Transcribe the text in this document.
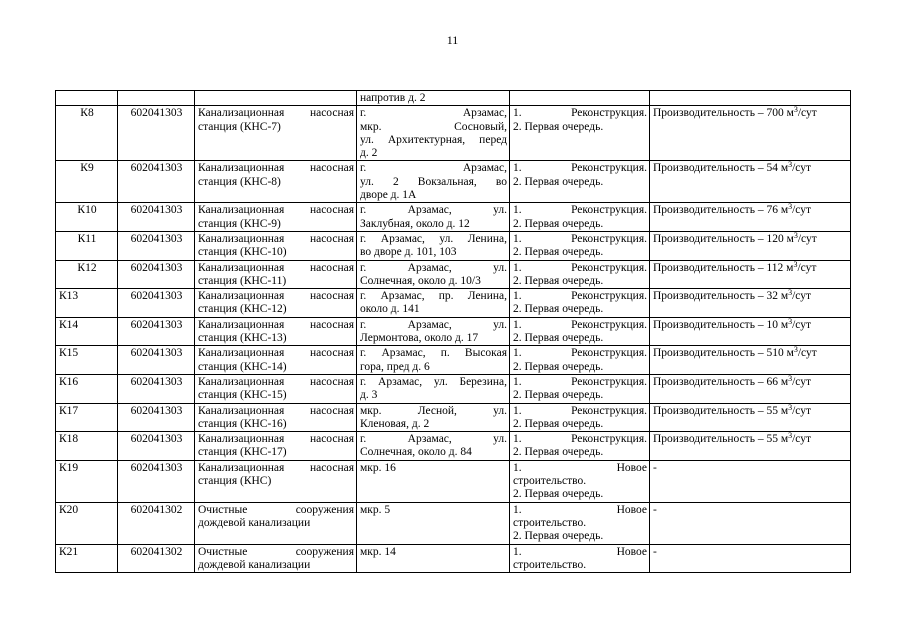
11

			напротив д. 2		

К8	602041303	Канализационная насосная
станция (КНС-7)	г. Арзамас,
мкр. Сосновый,
ул. Архитектурная, перед
д. 2	1. Реконструкция.
2. Первая очередь.	Производительность – 700 $м^3$/сут
К9	602041303	Канализационная насосная
станция (КНС-8)	г. Арзамас,
ул. 2 Вокзальная, во
дворе д. 1А	1. Реконструкция.
2. Первая очередь.	Производительность – 54 $м^3$/сут
К10	602041303	Канализационная насосная
станция (КНС-9)	г. Арзамас, ул.
Заклубная, около д. 12	1. Реконструкция.
2. Первая очередь.	Производительность – 76 $м^3$/сут
К11	602041303	Канализационная насосная
станция (КНС-10)	г. Арзамас, ул. Ленина,
во дворе д. 101, 103	1. Реконструкция.
2. Первая очередь.	Производительность – 120 $м^3$/сут
К12	602041303	Канализационная насосная
станция (КНС-11)	г. Арзамас, ул.
Солнечная, около д. 10/3	1. Реконструкция.
2. Первая очередь.	Производительность – 112 $м^3$/сут
К13	602041303	Канализационная насосная
станция (КНС-12)	г. Арзамас, пр. Ленина,
около д. 141	1. Реконструкция.
2. Первая очередь.	Производительность – 32 $м^3$/сут
К14	602041303	Канализационная насосная
станция (КНС-13)	г. Арзамас, ул.
Лермонтова, около д. 17	1. Реконструкция.
2. Первая очередь.	Производительность – 10 $м^3$/сут
К15	602041303	Канализационная насосная
станция (КНС-14)	г. Арзамас, п. Высокая
гора, пред д. 6	1. Реконструкция.
2. Первая очередь.	Производительность – 510 $м^3$/сут
К16	602041303	Канализационная насосная
станция (КНС-15)	г. Арзамас, ул. Березина,
д. 3	1. Реконструкция.
2. Первая очередь.	Производительность – 66 $м^3$/сут
К17	602041303	Канализационная насосная
станция (КНС-16)	мкр. Лесной, ул.
Кленовая, д. 2	1. Реконструкция.
2. Первая очередь.	Производительность – 55 $м^3$/сут
К18	602041303	Канализационная насосная
станция (КНС-17)	г. Арзамас, ул.
Солнечная, около д. 84	1. Реконструкция.
2. Первая очередь.	Производительность – 55 $м^3$/сут
К19	602041303	Канализационная насосная
станция (КНС)	мкр. 16	1. Новое
строительство.
2. Первая очередь.	-
К20	602041302	Очистные сооружения
дождевой канализации	мкр. 5	1. Новое
строительство.
2. Первая очередь.	-
К21	602041302	Очистные сооружения
дождевой канализации	мкр. 14	1. Новое
строительство.	-
